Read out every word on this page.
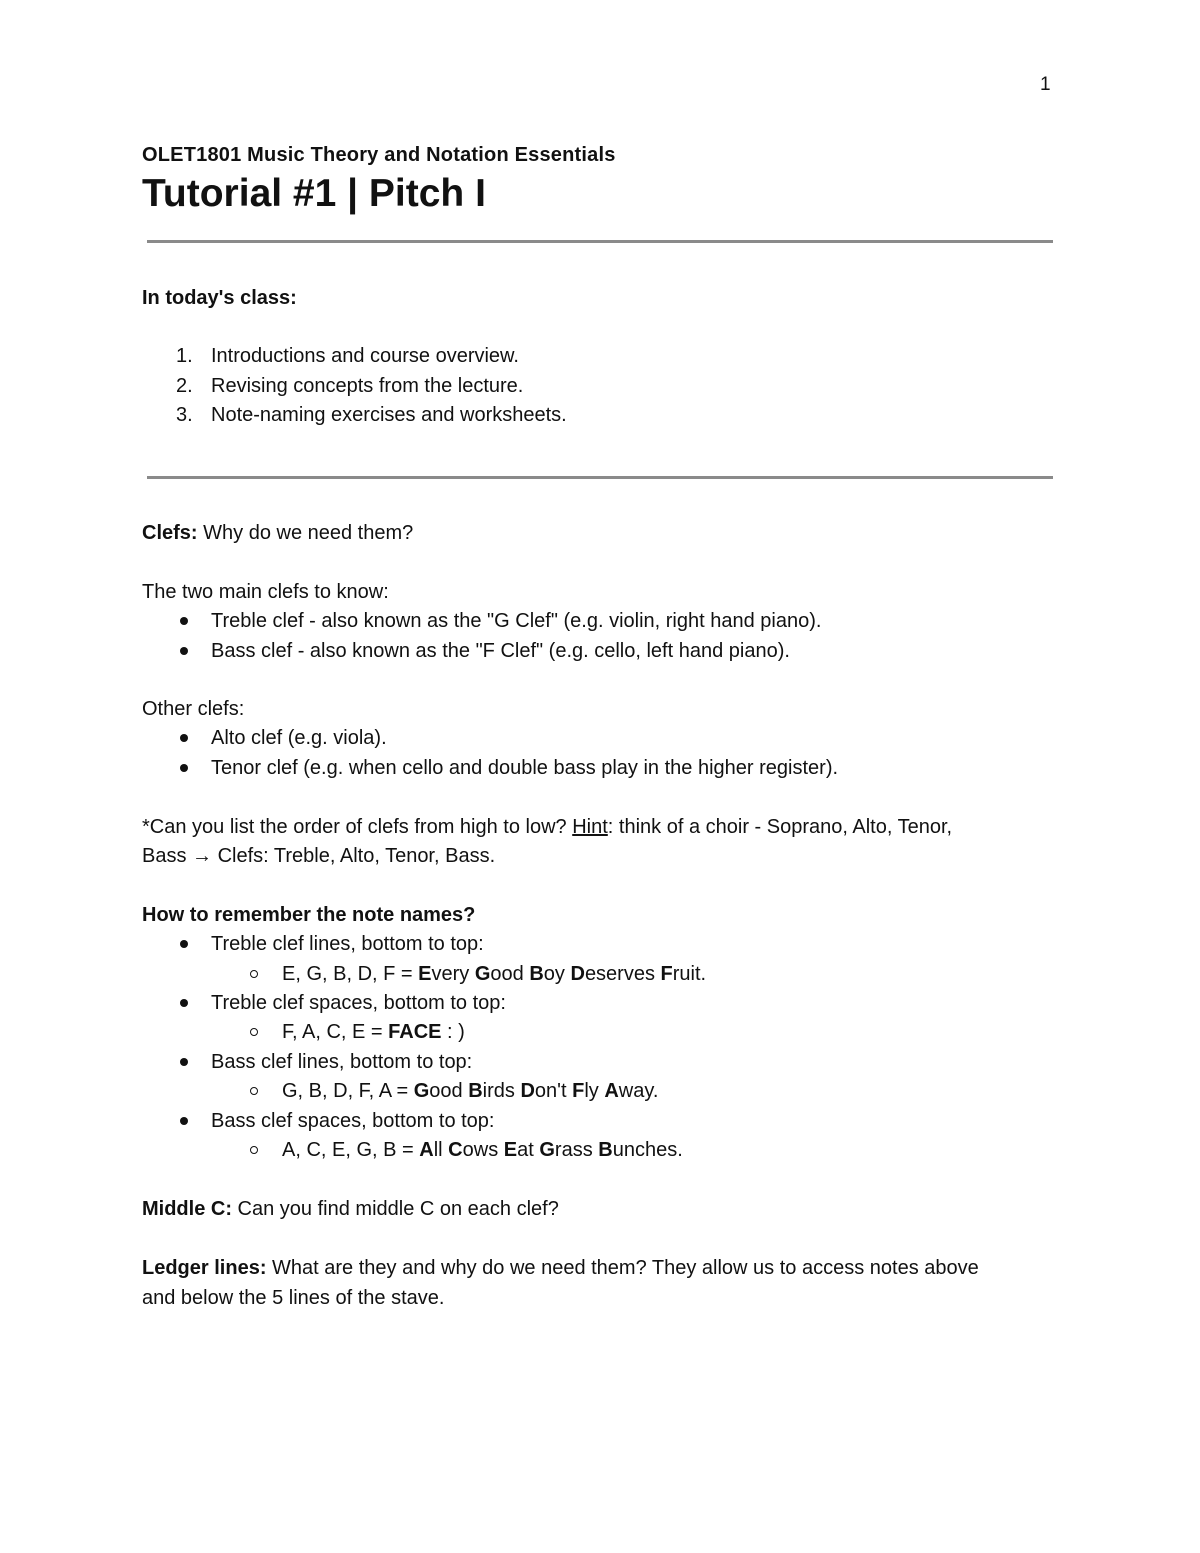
1
OLET1801 Music Theory and Notation Essentials
Tutorial #1 | Pitch I
In today's class:
1. Introductions and course overview.
2. Revising concepts from the lecture.
3. Note-naming exercises and worksheets.
Clefs: Why do we need them?
The two main clefs to know:
Treble clef - also known as the "G Clef" (e.g. violin, right hand piano).
Bass clef - also known as the "F Clef" (e.g. cello, left hand piano).
Other clefs:
Alto clef (e.g. viola).
Tenor clef (e.g. when cello and double bass play in the higher register).
*Can you list the order of clefs from high to low? Hint: think of a choir - Soprano, Alto, Tenor,
Bass → Clefs: Treble, Alto, Tenor, Bass.
How to remember the note names?
Treble clef lines, bottom to top:
E, G, B, D, F = Every Good Boy Deserves Fruit.
Treble clef spaces, bottom to top:
F, A, C, E = FACE : )
Bass clef lines, bottom to top:
G, B, D, F, A = Good Birds Don't Fly Away.
Bass clef spaces, bottom to top:
A, C, E, G, B = All Cows Eat Grass Bunches.
Middle C: Can you find middle C on each clef?
Ledger lines: What are they and why do we need them? They allow us to access notes above
and below the 5 lines of the stave.
